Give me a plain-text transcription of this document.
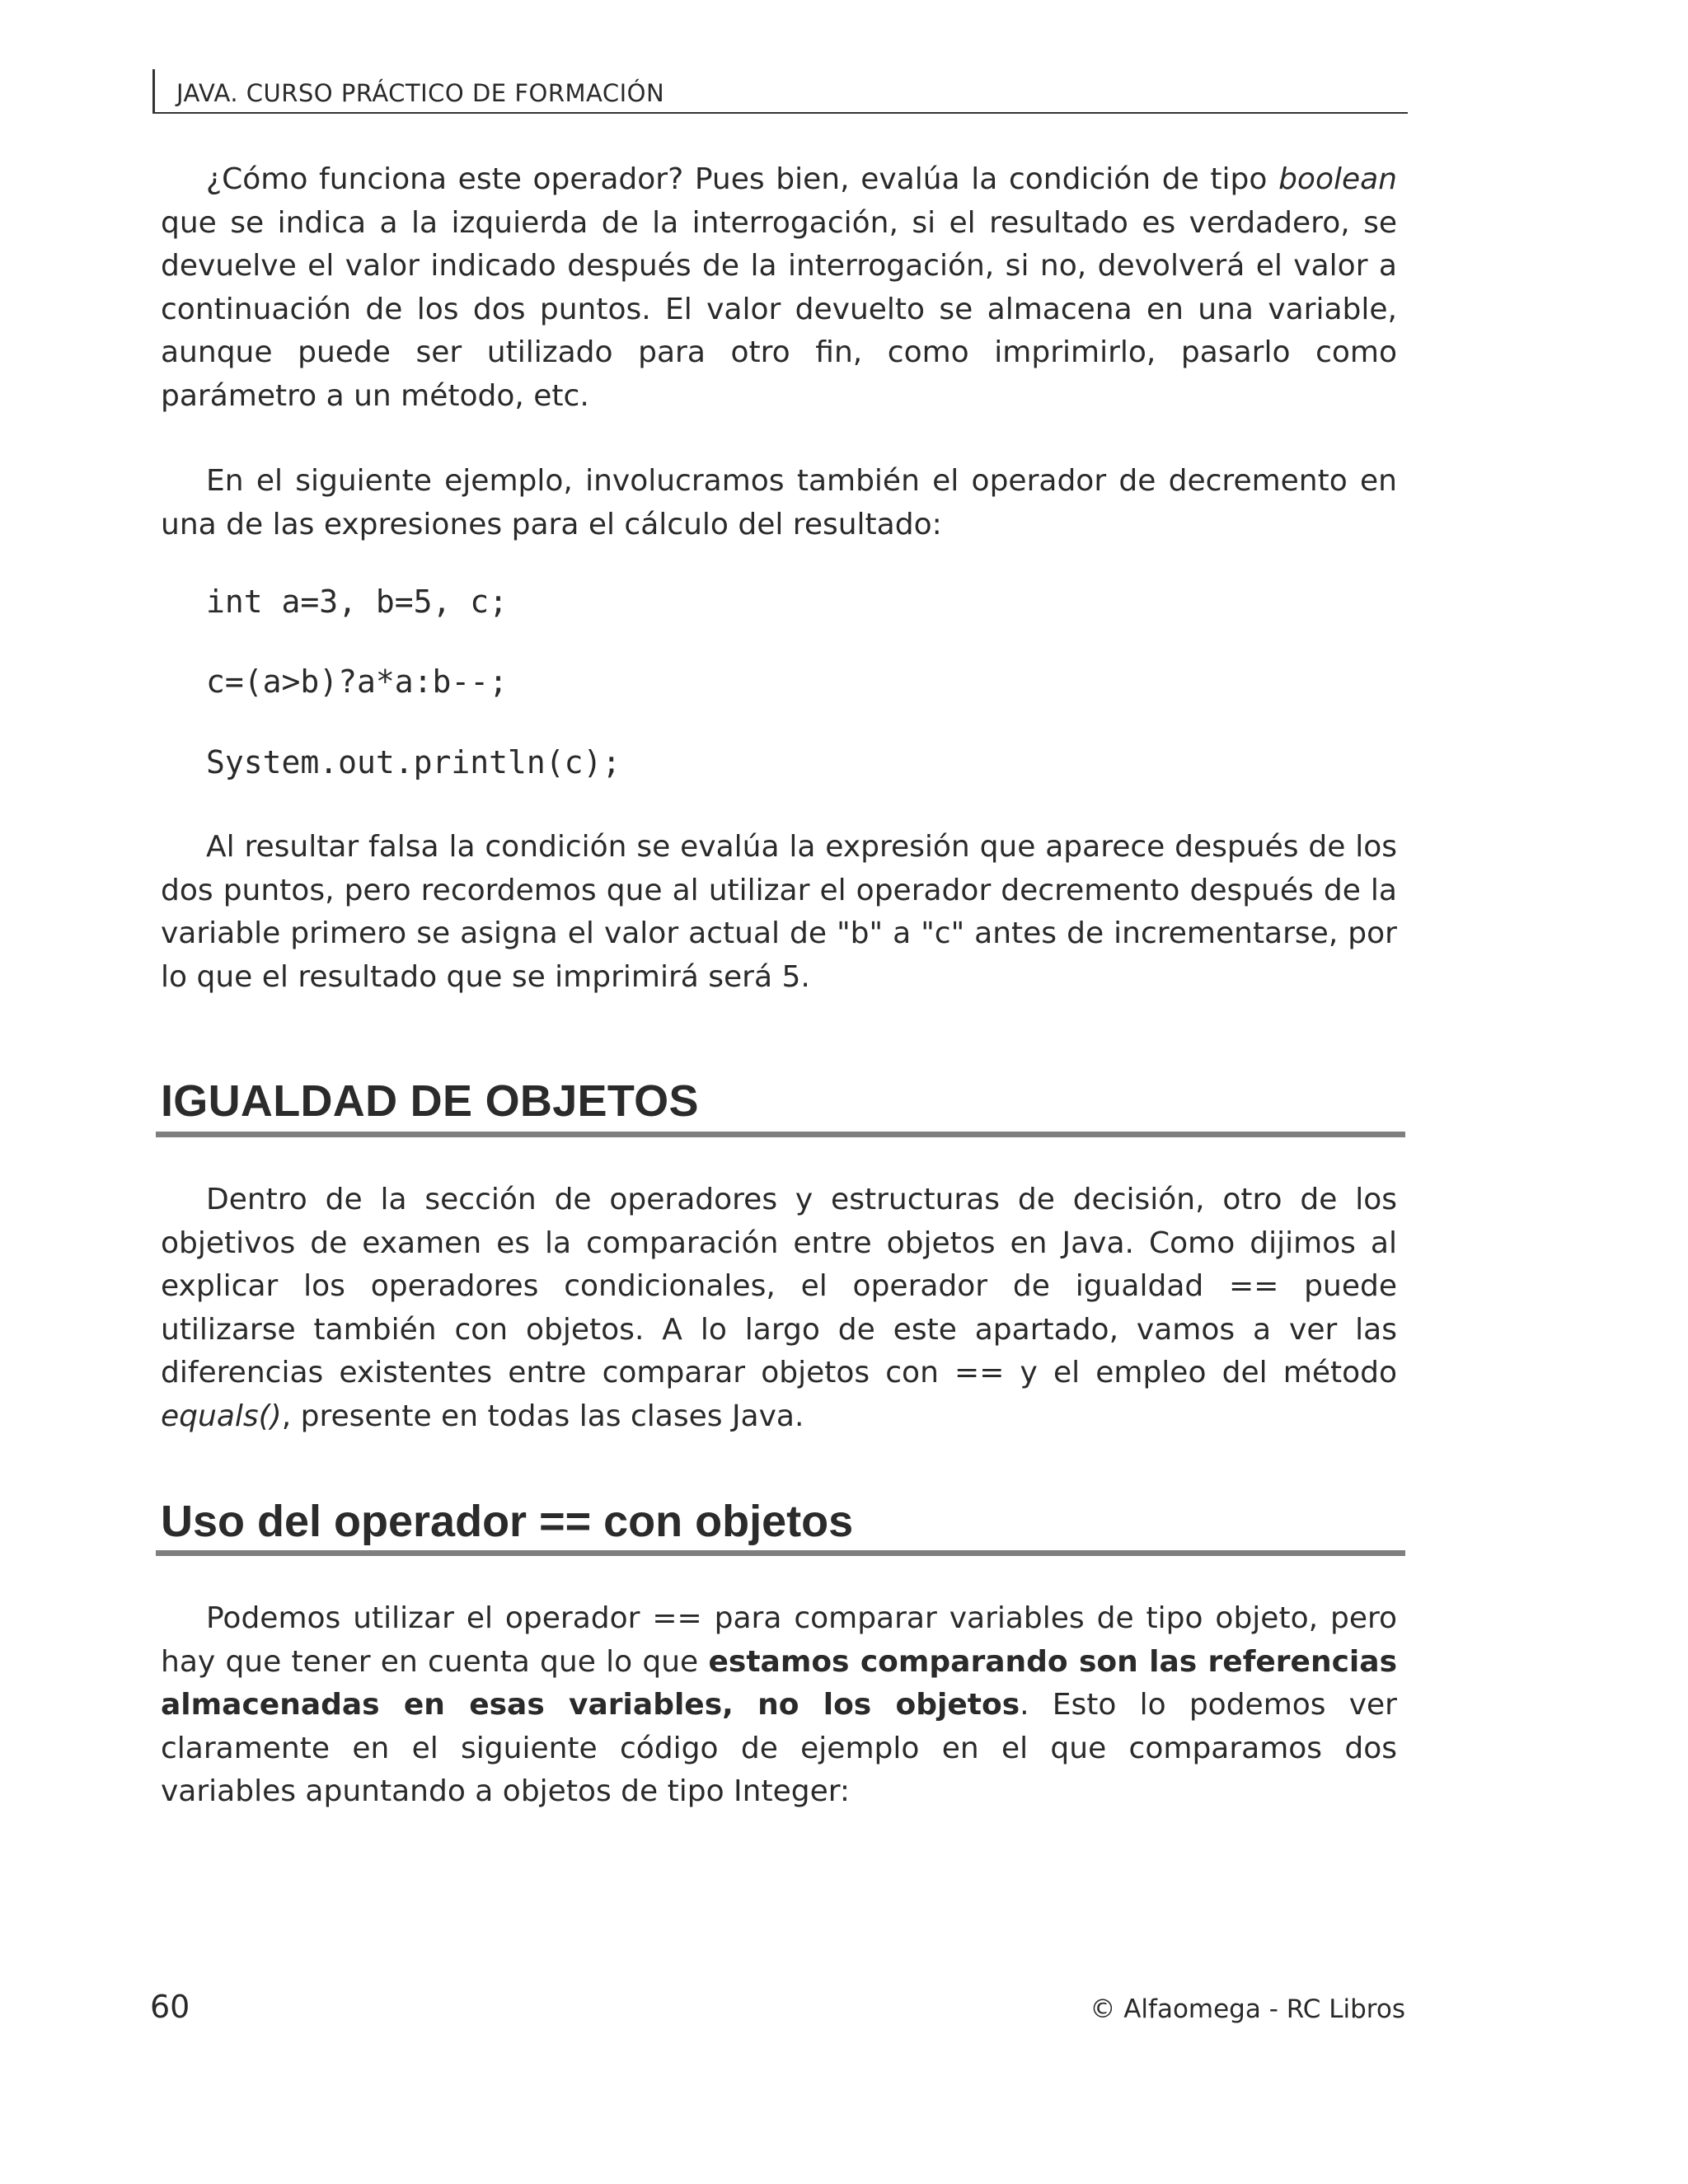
JAVA. CURSO PRÁCTICO DE FORMACIÓN
¿Cómo funciona este operador? Pues bien, evalúa la condición de tipo boolean que se indica a la izquierda de la interrogación, si el resultado es verdadero, se devuelve el valor indicado después de la interrogación, si no, devolverá el valor a continuación de los dos puntos. El valor devuelto se almacena en una variable, aunque puede ser utilizado para otro fin, como imprimirlo, pasarlo como parámetro a un método, etc.
En el siguiente ejemplo, involucramos también el operador de decremento en una de las expresiones para el cálculo del resultado:
int a=3, b=5, c;
c=(a>b)?a*a:b--;
System.out.println(c);
Al resultar falsa la condición se evalúa la expresión que aparece después de los dos puntos, pero recordemos que al utilizar el operador decremento después de la variable primero se asigna el valor actual de "b" a "c" antes de incrementarse, por lo que el resultado que se imprimirá será 5.
IGUALDAD DE OBJETOS
Dentro de la sección de operadores y estructuras de decisión, otro de los objetivos de examen es la comparación entre objetos en Java. Como dijimos al explicar los operadores condicionales, el operador de igualdad == puede utilizarse también con objetos. A lo largo de este apartado, vamos a ver las diferencias existentes entre comparar objetos con == y el empleo del método equals(), presente en todas las clases Java.
Uso del operador == con objetos
Podemos utilizar el operador == para comparar variables de tipo objeto, pero hay que tener en cuenta que lo que estamos comparando son las referencias almacenadas en esas variables, no los objetos. Esto lo podemos ver claramente en el siguiente código de ejemplo en el que comparamos dos variables apuntando a objetos de tipo Integer:
60	© Alfaomega - RC Libros
